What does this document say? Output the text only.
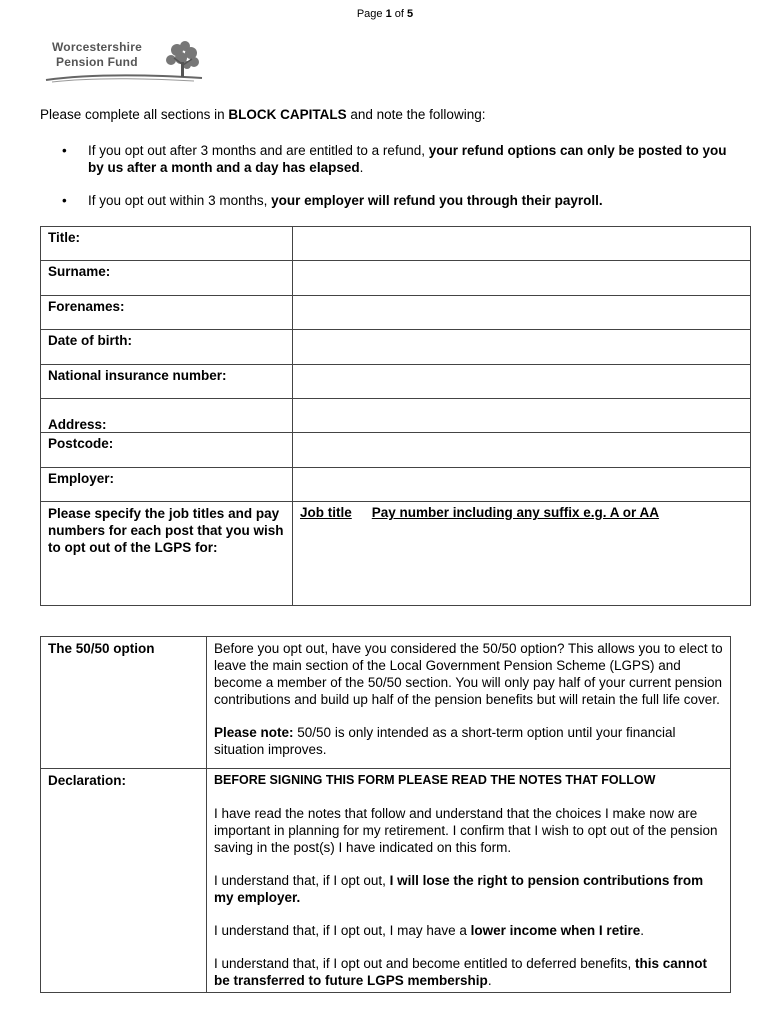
Page 1 of 5
Worcestershire
Pension Fund
Please complete all sections in BLOCK CAPITALS and note the following:
• If you opt out after 3 months and are entitled to a refund, your refund options can only be posted to you by us after a month and a day has elapsed.
• If you opt out within 3 months, your employer will refund you through their payroll.
Title:	
Surname:	
Forenames:	
Date of birth:	
National insurance number:	
Address:	
Postcode:	
Employer:	
Please specify the job titles and pay numbers for each post that you wish to opt out of the LGPS for:	Job title Pay number including any suffix e.g. A or AA
The 50/50 option	Before you opt out, have you considered the 50/50 option? This allows you to elect to leave the main section of the Local Government Pension Scheme (LGPS) and become a member of the 50/50 section. You will only pay half of your current pension contributions and build up half of the pension benefits but will retain the full life cover.

Please note: 50/50 is only intended as a short-term option until your financial situation improves.

Declaration:	BEFORE SIGNING THIS FORM PLEASE READ THE NOTES THAT FOLLOW

I have read the notes that follow and understand that the choices I make now are important in planning for my retirement. I confirm that I wish to opt out of the pension saving in the post(s) I have indicated on this form.

I understand that, if I opt out, I will lose the right to pension contributions from my employer.

I understand that, if I opt out, I may have a lower income when I retire.

I understand that, if I opt out and become entitled to deferred benefits, this cannot be transferred to future LGPS membership.
